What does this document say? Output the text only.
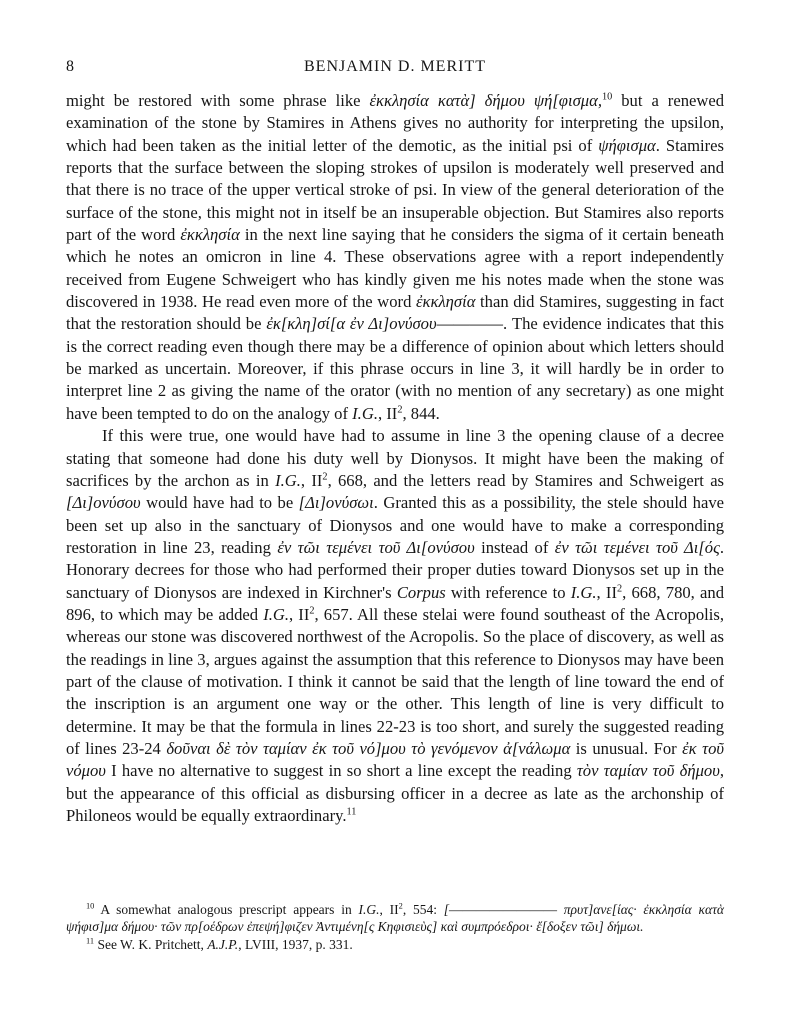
8	BENJAMIN D. MERITT

might be restored with some phrase like ἐκκλησία κατὰ] δήμου ψή[φισμα,$^{10}$ but a renewed examination of the stone by Stamires in Athens gives no authority for interpreting the upsilon, which had been taken as the initial letter of the demotic, as the initial psi of ψήφισμα. Stamires reports that the surface between the sloping strokes of upsilon is moderately well preserved and that there is no trace of the upper vertical stroke of psi. In view of the general deterioration of the surface of the stone, this might not in itself be an insuperable objection. But Stamires also reports part of the word ἐκκλησία in the next line saying that he considers the sigma of it certain beneath which he notes an omicron in line 4. These observations agree with a report independently received from Eugene Schweigert who has kindly given me his notes made when the stone was discovered in 1938. He read even more of the word ἐκκλησία than did Stamires, suggesting in fact that the restoration should be ἐκ[κλη]σί[α ἐν Δι]ονύσου――――. The evidence indicates that this is the correct reading even though there may be a difference of opinion about which letters should be marked as uncertain. Moreover, if this phrase occurs in line 3, it will hardly be in order to interpret line 2 as giving the name of the orator (with no mention of any secretary) as one might have been tempted to do on the analogy of I.G., $II^2$, 844.

If this were true, one would have had to assume in line 3 the opening clause of a decree stating that someone had done his duty well by Dionysos. It might have been the making of sacrifices by the archon as in I.G., $II^2$, 668, and the letters read by Stamires and Schweigert as [Δι]ονύσου would have had to be [Δι]ονύσωι. Granted this as a possibility, the stele should have been set up also in the sanctuary of Dionysos and one would have to make a corresponding restoration in line 23, reading ἐν τῶι τεμένει τοῦ Δι[ονύσου instead of ἐν τῶι τεμένει τοῦ Δι[ός. Honorary decrees for those who had performed their proper duties toward Dionysos set up in the sanctuary of Dionysos are indexed in Kirchner's Corpus with reference to I.G., $II^2$, 668, 780, and 896, to which may be added I.G., $II^2$, 657. All these stelai were found southeast of the Acropolis, whereas our stone was discovered northwest of the Acropolis. So the place of discovery, as well as the readings in line 3, argues against the assumption that this reference to Dionysos may have been part of the clause of motivation. I think it cannot be said that the length of line toward the end of the inscription is an argument one way or the other. This length of line is very difficult to determine. It may be that the formula in lines 22-23 is too short, and surely the suggested reading of lines 23-24 δοῦναι δὲ τὸν ταμίαν ἐκ τοῦ νό]μου τὸ γενόμενον ἀ[νάλωμα is unusual. For ἐκ τοῦ νόμου I have no alternative to suggest in so short a line except the reading τὸν ταμίαν τοῦ δήμου, but the appearance of this official as disbursing officer in a decree as late as the archonship of Philoneos would be equally extraordinary.$^{11}$

$^{10}$ A somewhat analogous prescript appears in I.G., $II^2$, 554: [―――――――― πρυτ]ανε[ίας· ἐκκλησία κατὰ ψήφισ]μα δήμου· τῶν πρ[οέδρων ἐπεψή]φιζεν Ἀντιμένη[ς Κηφισιεὺς] καὶ συμπρόεδροι· ἔ[δοξεν τῶι] δήμωι.

$^{11}$ See W. K. Pritchett, A.J.P., LVIII, 1937, p. 331.
